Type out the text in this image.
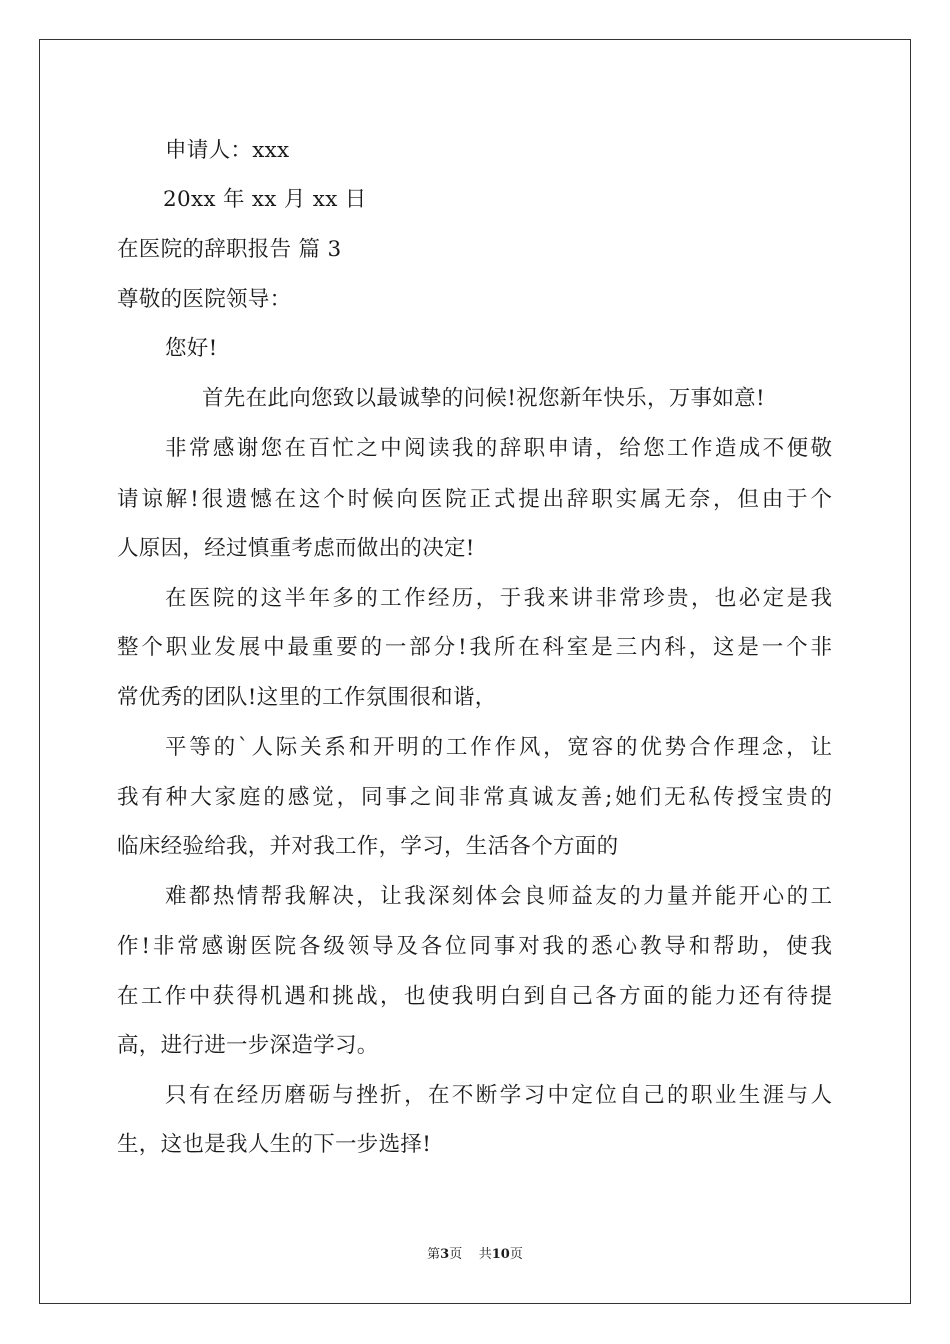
申请人：xxx
20xx 年 xx 月 xx 日
在医院的辞职报告 篇 3
尊敬的医院领导：
您好!
首先在此向您致以最诚挚的问候!祝您新年快乐，万事如意!
非常感谢您在百忙之中阅读我的辞职申请，给您工作造成不便敬
请谅解!很遗憾在这个时候向医院正式提出辞职实属无奈，但由于个
人原因，经过慎重考虑而做出的决定!
在医院的这半年多的工作经历，于我来讲非常珍贵，也必定是我
整个职业发展中最重要的一部分!我所在科室是三内科，这是一个非
常优秀的团队!这里的工作氛围很和谐，
平等的`人际关系和开明的工作作风，宽容的优势合作理念，让
我有种大家庭的感觉，同事之间非常真诚友善;她们无私传授宝贵的
临床经验给我，并对我工作，学习，生活各个方面的
难都热情帮我解决，让我深刻体会良师益友的力量并能开心的工
作!非常感谢医院各级领导及各位同事对我的悉心教导和帮助，使我
在工作中获得机遇和挑战，也使我明白到自己各方面的能力还有待提
高，进行进一步深造学习。
只有在经历磨砺与挫折，在不断学习中定位自己的职业生涯与人
生，这也是我人生的下一步选择!
第3页 共10页
